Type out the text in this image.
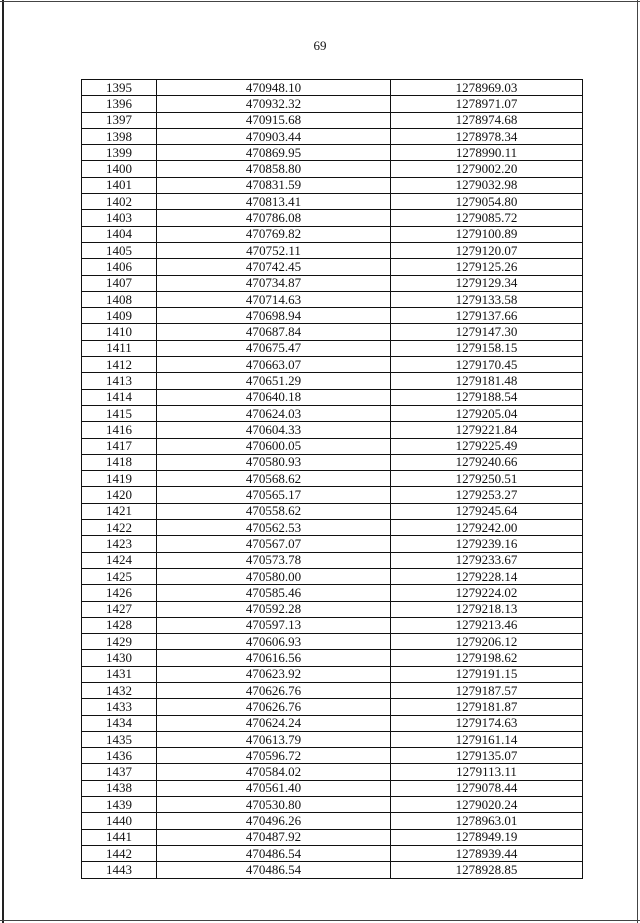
69
1395	470948.10	1278969.03
1396	470932.32	1278971.07
1397	470915.68	1278974.68
1398	470903.44	1278978.34
1399	470869.95	1278990.11
1400	470858.80	1279002.20
1401	470831.59	1279032.98
1402	470813.41	1279054.80
1403	470786.08	1279085.72
1404	470769.82	1279100.89
1405	470752.11	1279120.07
1406	470742.45	1279125.26
1407	470734.87	1279129.34
1408	470714.63	1279133.58
1409	470698.94	1279137.66
1410	470687.84	1279147.30
1411	470675.47	1279158.15
1412	470663.07	1279170.45
1413	470651.29	1279181.48
1414	470640.18	1279188.54
1415	470624.03	1279205.04
1416	470604.33	1279221.84
1417	470600.05	1279225.49
1418	470580.93	1279240.66
1419	470568.62	1279250.51
1420	470565.17	1279253.27
1421	470558.62	1279245.64
1422	470562.53	1279242.00
1423	470567.07	1279239.16
1424	470573.78	1279233.67
1425	470580.00	1279228.14
1426	470585.46	1279224.02
1427	470592.28	1279218.13
1428	470597.13	1279213.46
1429	470606.93	1279206.12
1430	470616.56	1279198.62
1431	470623.92	1279191.15
1432	470626.76	1279187.57
1433	470626.76	1279181.87
1434	470624.24	1279174.63
1435	470613.79	1279161.14
1436	470596.72	1279135.07
1437	470584.02	1279113.11
1438	470561.40	1279078.44
1439	470530.80	1279020.24
1440	470496.26	1278963.01
1441	470487.92	1278949.19
1442	470486.54	1278939.44
1443	470486.54	1278928.85
